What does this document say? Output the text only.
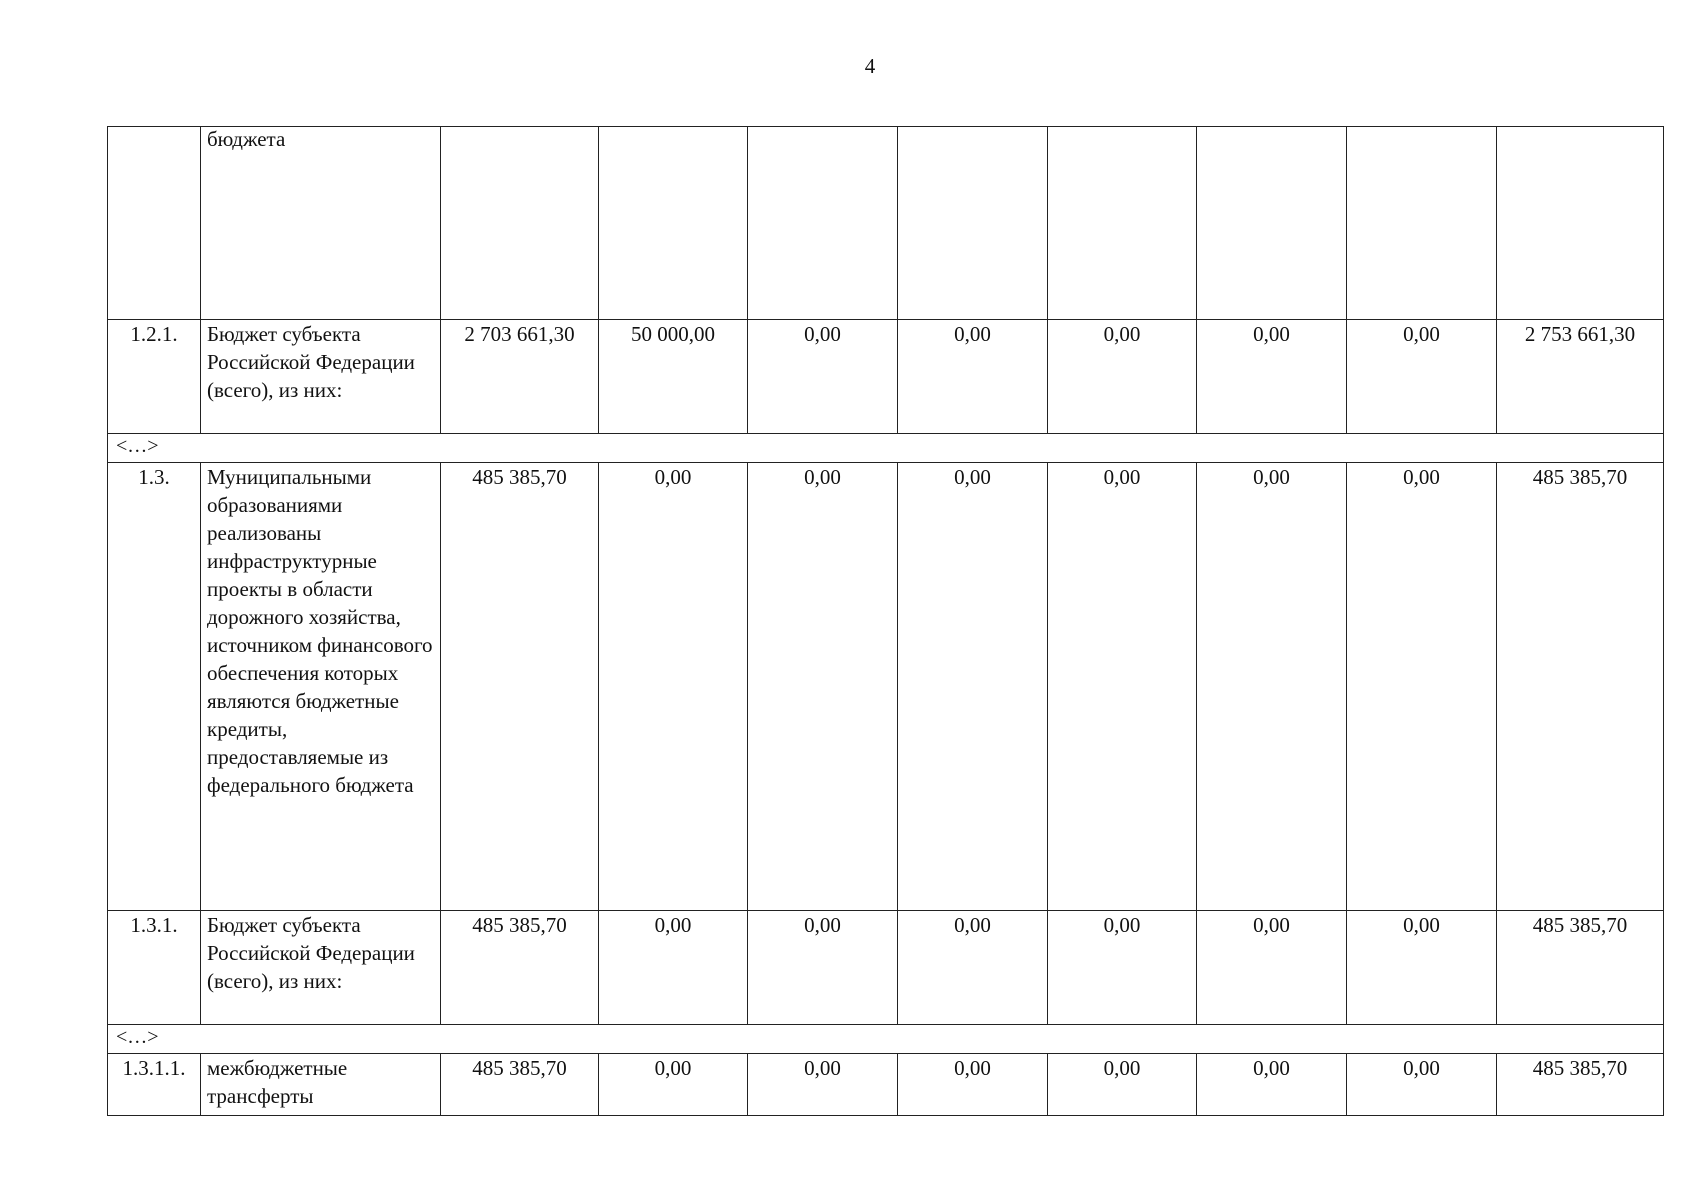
4
	бюджета								
1.2.1.	Бюджет субъекта Российской Федерации (всего), из них:	2 703 661,30	50 000,00	0,00	0,00	0,00	0,00	0,00	2 753 661,30
<…>									
1.3.	Муниципальными образованиями реализованы инфраструктурные проекты в области дорожного хозяйства, источником финансового обеспечения которых являются бюджетные кредиты, предоставляемые из федерального бюджета	485 385,70	0,00	0,00	0,00	0,00	0,00	0,00	485 385,70
1.3.1.	Бюджет субъекта Российской Федерации (всего), из них:	485 385,70	0,00	0,00	0,00	0,00	0,00	0,00	485 385,70
<…>									
1.3.1.1.	межбюджетные трансферты	485 385,70	0,00	0,00	0,00	0,00	0,00	0,00	485 385,70
